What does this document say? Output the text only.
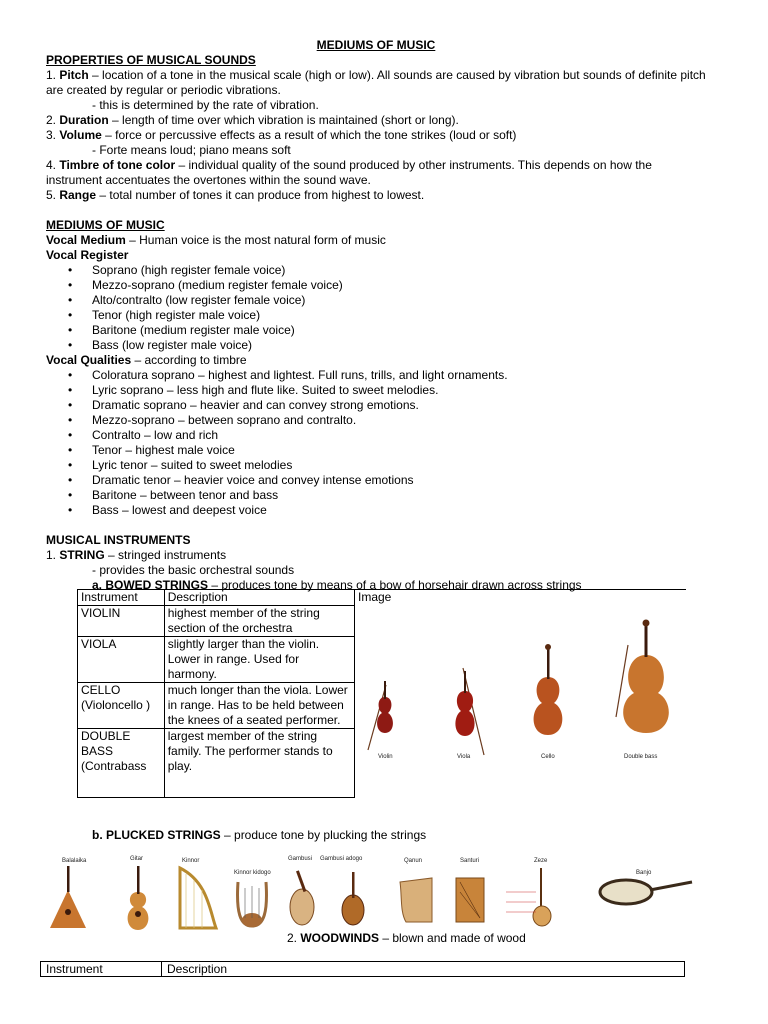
MEDIUMS OF MUSIC

PROPERTIES OF MUSICAL SOUNDS

1. Pitch – location of a tone in the musical scale (high or low). All sounds are caused by vibration but sounds of definite pitch are created by regular or periodic vibrations.

- this is determined by the rate of vibration.

2. Duration – length of time over which vibration is maintained (short or long).

3. Volume – force or percussive effects as a result of which the tone strikes (loud or soft)

- Forte means loud; piano means soft

4. Timbre of tone color – individual quality of the sound produced by other instruments. This depends on how the instrument accentuates the overtones within the sound wave.

5. Range – total number of tones it can produce from highest to lowest.

MEDIUMS OF MUSIC

Vocal Medium – Human voice is the most natural form of music

Vocal Register

• Soprano (high register female voice)
• Mezzo-soprano (medium register female voice)
• Alto/contralto (low register female voice)
• Tenor (high register male voice)
• Baritone (medium register male voice)
• Bass (low register male voice)

Vocal Qualities – according to timbre

• Coloratura soprano – highest and lightest. Full runs, trills, and light ornaments.
• Lyric soprano – less high and flute like. Suited to sweet melodies.
• Dramatic soprano – heavier and can convey strong emotions.
• Mezzo-soprano – between soprano and contralto.
• Contralto – low and rich
• Tenor – highest male voice
• Lyric tenor – suited to sweet melodies
• Dramatic tenor – heavier voice and convey intense emotions
• Baritone – between tenor and bass
• Bass – lowest and deepest voice

MUSICAL INSTRUMENTS

1. STRING – stringed instruments

- provides the basic orchestral sounds

a. BOWED STRINGS – produces tone by means of a bow of horsehair drawn across strings

Instrument	Description	Image
Violin Viola Cello Double bass

VIOLIN	highest member of the string section of the orchestra	
VIOLA	slightly larger than the violin. Lower in range. Used for harmony.	
CELLO (Violoncello )	much longer than the viola. Lower in range. Has to be held between the knees of a seated performer.	
DOUBLE BASS (Contrabass	largest member of the string family. The performer stands to play.	

b. PLUCKED STRINGS – produce tone by plucking the strings

Balalaika	Gitar	Kinnor
Kinnor kidogo
Gambusi Gambusi adogo	Qanun	Santuri	Zeze
Banjo

2. WOODWINDS – blown and made of wood

Instrument	Description
